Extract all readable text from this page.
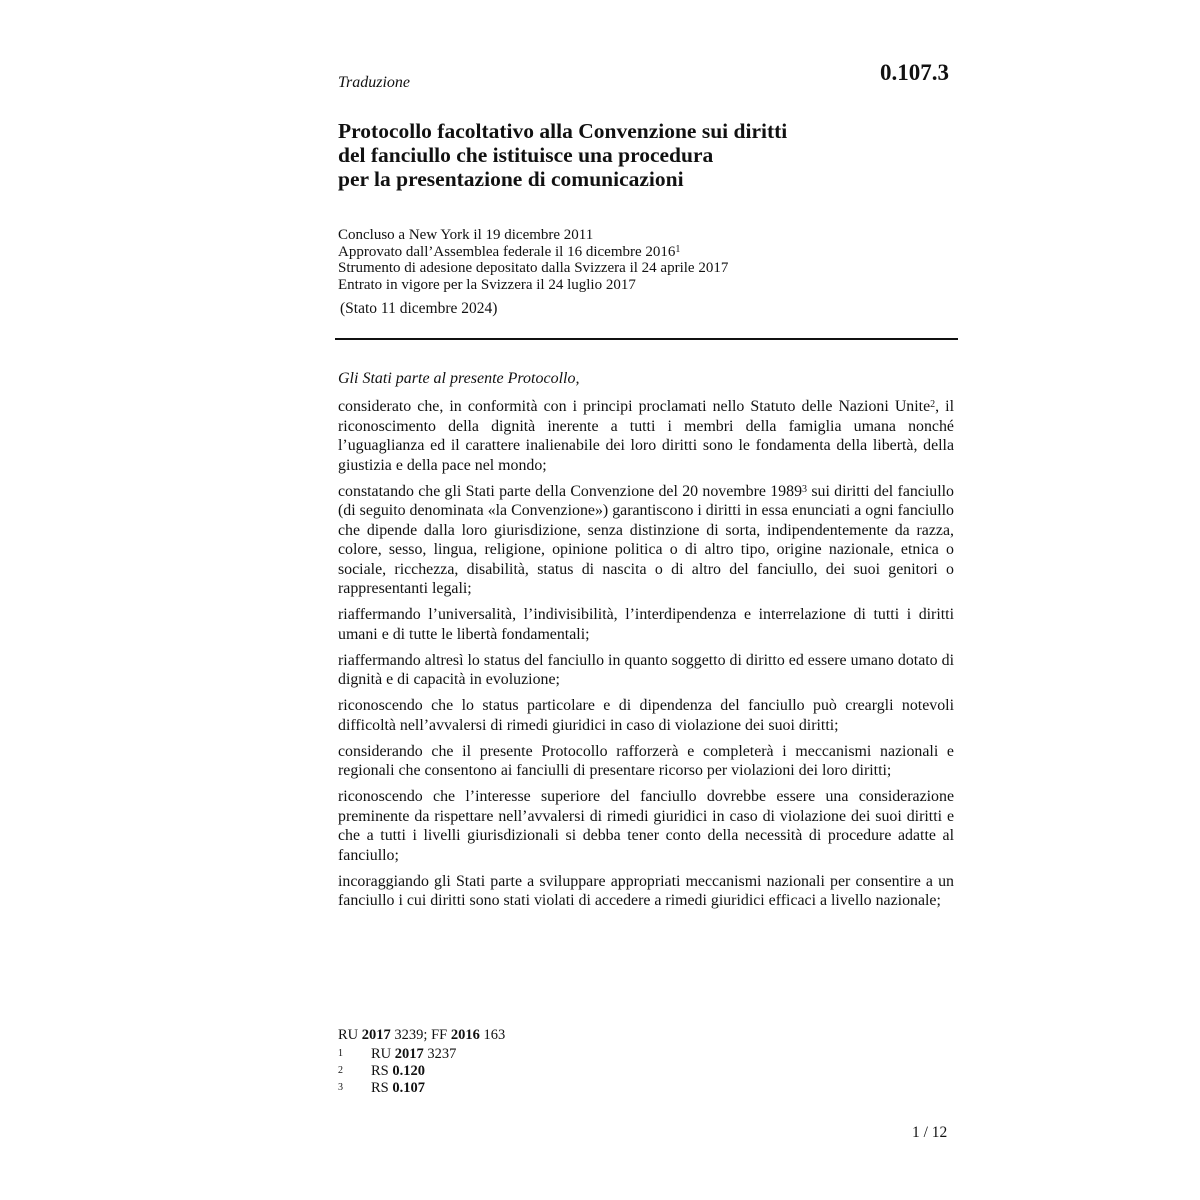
Traduzione	0.107.3
Protocollo facoltativo alla Convenzione sui diritti
del fanciullo che istituisce una procedura
per la presentazione di comunicazioni
Concluso a New York il 19 dicembre 2011
Approvato dall’Assemblea federale il 16 dicembre 2016$^1$
Strumento di adesione depositato dalla Svizzera il 24 aprile 2017
Entrato in vigore per la Svizzera il 24 luglio 2017
(Stato 11 dicembre 2024)
Gli Stati parte al presente Protocollo,

considerato che, in conformità con i principi proclamati nello Statuto delle Nazioni Unite$^2$, il riconoscimento della dignità inerente a tutti i membri della famiglia umana nonché l’uguaglianza ed il carattere inalienabile dei loro diritti sono le fondamenta della libertà, della giustizia e della pace nel mondo;

constatando che gli Stati parte della Convenzione del 20 novembre 1989$^3$ sui diritti del fanciullo (di seguito denominata «la Convenzione») garantiscono i diritti in essa enunciati a ogni fanciullo che dipende dalla loro giurisdizione, senza distinzione di sorta, indipendentemente da razza, colore, sesso, lingua, religione, opinione politica o di altro tipo, origine nazionale, etnica o sociale, ricchezza, disabilità, status di nascita o di altro del fanciullo, dei suoi genitori o rappresentanti legali;

riaffermando l’universalità, l’indivisibilità, l’interdipendenza e interrelazione di tutti i diritti umani e di tutte le libertà fondamentali;

riaffermando altresì lo status del fanciullo in quanto soggetto di diritto ed essere umano dotato di dignità e di capacità in evoluzione;

riconoscendo che lo status particolare e di dipendenza del fanciullo può creargli notevoli difficoltà nell’avvalersi di rimedi giuridici in caso di violazione dei suoi diritti;

considerando che il presente Protocollo rafforzerà e completerà i meccanismi nazionali e regionali che consentono ai fanciulli di presentare ricorso per violazioni dei loro diritti;

riconoscendo che l’interesse superiore del fanciullo dovrebbe essere una considerazione preminente da rispettare nell’avvalersi di rimedi giuridici in caso di violazione dei suoi diritti e che a tutti i livelli giurisdizionali si debba tener conto della necessità di procedure adatte al fanciullo;

incoraggiando gli Stati parte a sviluppare appropriati meccanismi nazionali per consentire a un fanciullo i cui diritti sono stati violati di accedere a rimedi giuridici efficaci a livello nazionale;

RU 2017 3239; FF 2016 163
1 RU 2017 3237
2 RS 0.120
3 RS 0.107
1 / 12
